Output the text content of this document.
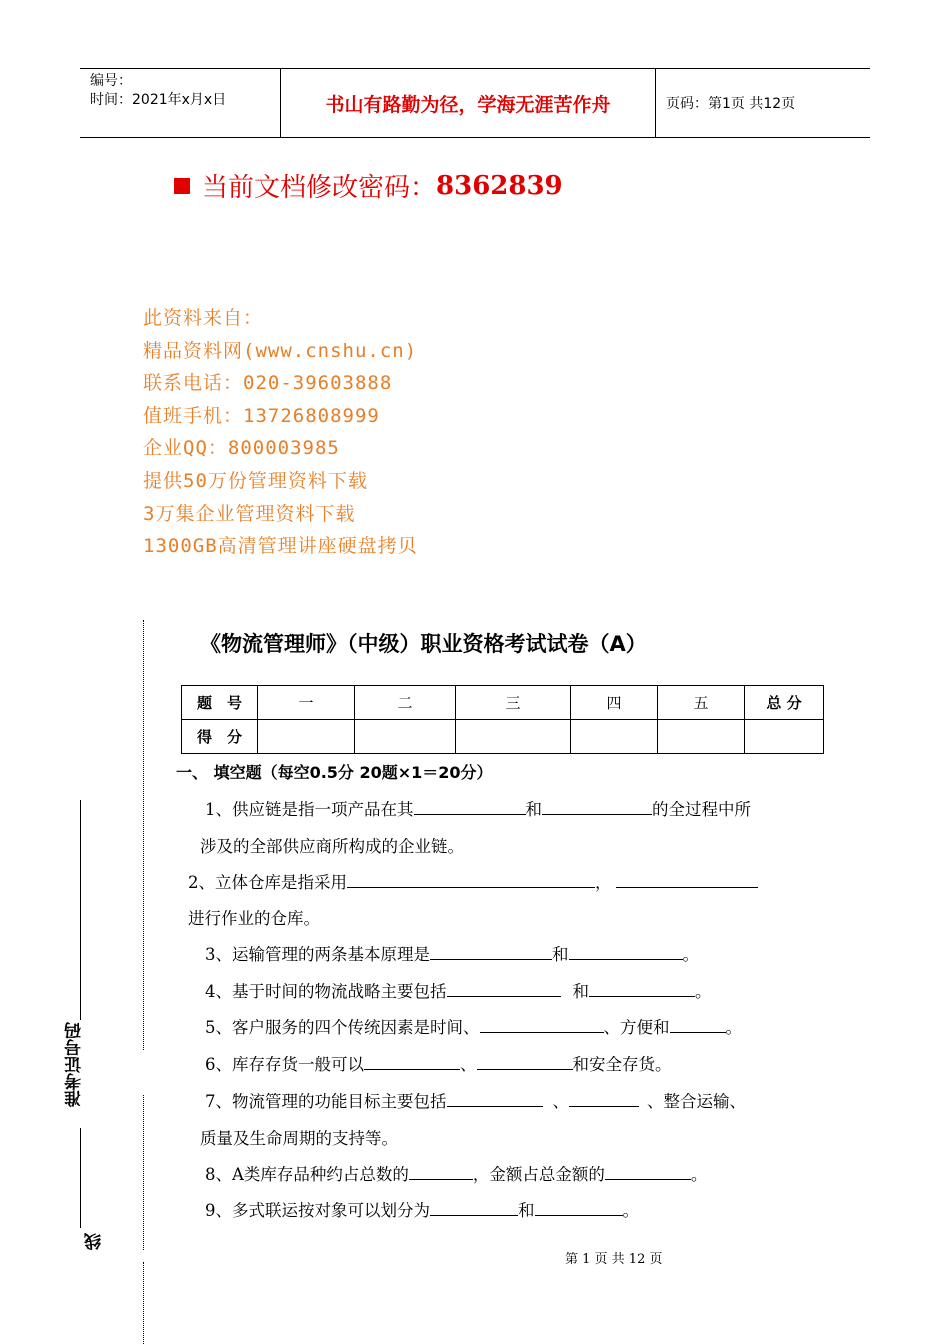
编号：
时间：2021年x月x日	书山有路勤为径，学海无涯苦作舟	页码：第1页 共12页
当前文档修改密码： 8362839
此资料来自：
精品资料网(www.cnshu.cn)
联系电话：020-39603888
值班手机：13726808999
企业QQ：800003985
提供50万份管理资料下载
3万集企业管理资料下载
1300GB高清管理讲座硬盘拷贝
准考证号码
线
《物流管理师》（中级）职业资格考试试卷（A）
题　号	一	二	三	四	五	总 分
得　分						
一、 填空题（每空0.5分 20题×1＝20分）
1、供应链是指一项产品在其	和	的全过程中所
涉及的全部供应商所构成的企业链。
2、立体仓库是指采用	，
进行作业的仓库。
3、运输管理的两条基本原理是	和	。
4、基于时间的物流战略主要包括	和	。
5、客户服务的四个传统因素是时间、	、方便和	。
6、库存存货一般可以	、	和安全存货。
7、物流管理的功能目标主要包括	、	、整合运输、
质量及生命周期的支持等。
8、A类库存品种约占总数的	，金额占总金额的	。
9、多式联运按对象可以划分为	和	。
第 1 页 共 12 页
